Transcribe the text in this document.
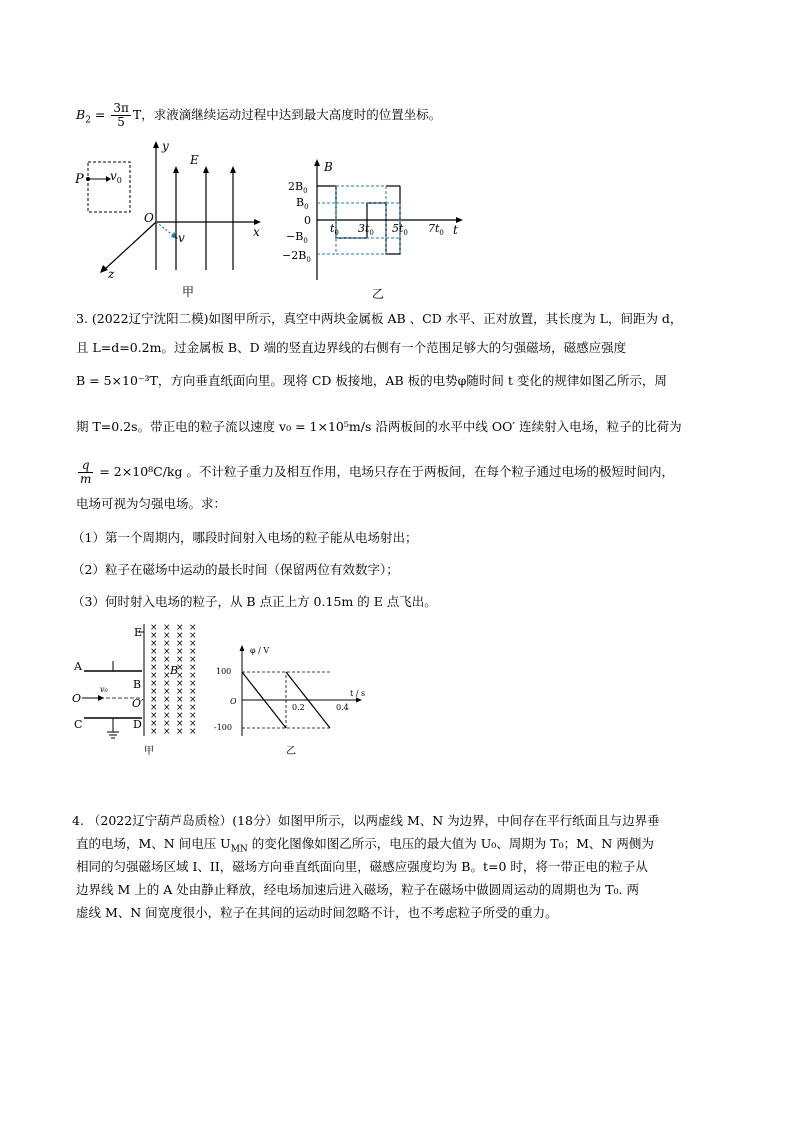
$B_2 = \frac{3\pi}{5}$ T，求液滴继续运动过程中达到最大高度时的位置坐标。
P $v_0$
y
x
z
O
v
E
甲
B
t
$2B_0$
$B_0$
0
$-B_0$
$-2B_0$
$t_0$ $3t_0$ $5t_0$ $7t_0$
乙
3. (2022辽宁沈阳二模)如图甲所示，真空中两块金属板 AB 、CD 水平、正对放置，其长度为 L，间距为 d，
且 L=d=0.2m。过金属板 B、D 端的竖直边界线的右侧有一个范围足够大的匀强磁场，磁感应强度
B = 5×10⁻³T，方向垂直纸面向里。现将 CD 板接地，AB 板的电势φ随时间 t 变化的规律如图乙所示，周
期 T=0.2s。带正电的粒子流以速度 v₀ = 1×10⁵m/s 沿两板间的水平中线 OO′ 连续射入电场，粒子的比荷为
$\frac{q}{m} = 2\times 10^8C/kg$ 。不计粒子重力及相互作用，电场只存在于两板间，在每个粒子通过电场的极短时间内，
电场可视为匀强电场。求：
（1）第一个周期内，哪段时间射入电场的粒子能从电场射出；
（2）粒子在磁场中运动的最长时间（保留两位有效数字）；
（3）何时射入电场的粒子，从 B 点正上方 0.15m 的 E 点飞出。
E × × × ×
× × × ×
× × × ×
× × × ×
× × × ×
× × × ×
× × × ×
× × × ×
× × × ×
× × × ×
× × × ×
× × × ×
× × × ×
× × × ×
A
B
B
O
v₀
O′
C	D
甲
φ / V
100
O
-100
0.2	0.4
t / s
乙
4. （2022辽宁葫芦岛质检）(18分）如图甲所示，以两虚线 M、N 为边界，中间存在平行纸面且与边界垂
直的电场，M、N 间电压 $U_{MN}$ 的变化图像如图乙所示，电压的最大值为 U₀、周期为 T₀；M、N 两侧为
相同的匀强磁场区域 I、II，磁场方向垂直纸面向里，磁感应强度均为 B。t=0 时，将一带正电的粒子从
边界线 M 上的 A 处由静止释放，经电场加速后进入磁场，粒子在磁场中做圆周运动的周期也为 T₀. 两
虚线 M、N 间宽度很小，粒子在其间的运动时间忽略不计，也不考虑粒子所受的重力。
